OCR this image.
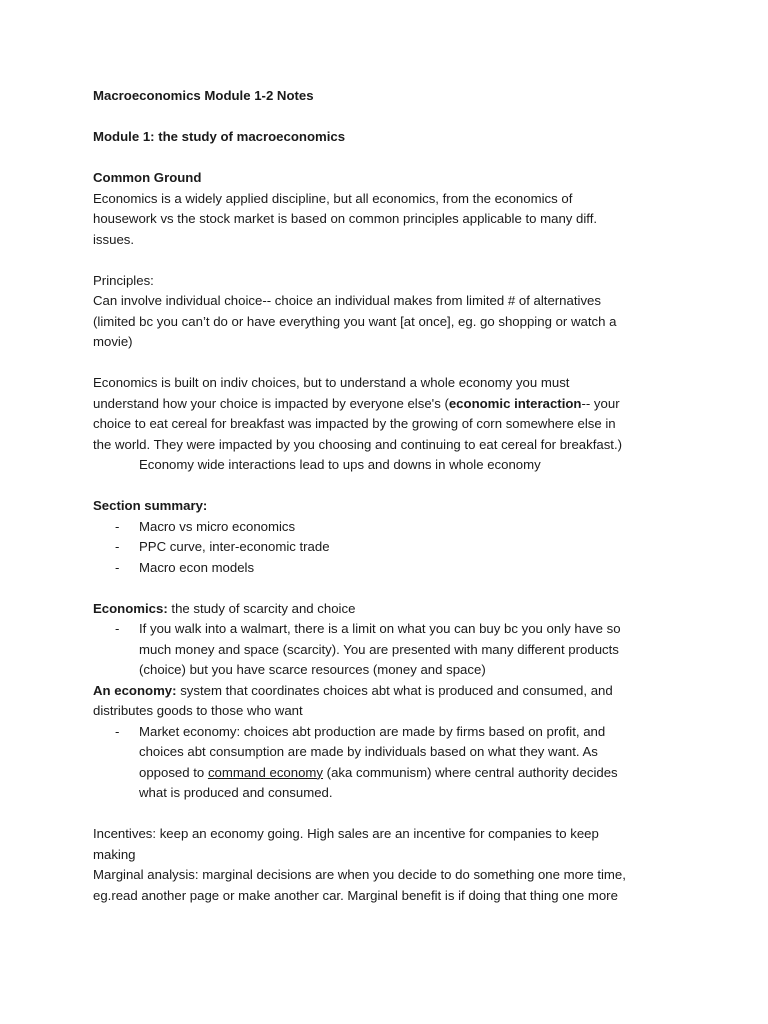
Macroeconomics Module 1-2 Notes
Module 1: the study of macroeconomics
Common Ground
Economics is a widely applied discipline, but all economics, from the economics of
housework vs the stock market is based on common principles applicable to many diff.
issues.
Principles:
Can involve individual choice-- choice an individual makes from limited # of alternatives
(limited bc you can’t do or have everything you want [at once], eg. go shopping or watch a
movie)
Economics is built on indiv choices, but to understand a whole economy you must
understand how your choice is impacted by everyone else's (economic interaction-- your
choice to eat cereal for breakfast was impacted by the growing of corn somewhere else in
the world. They were impacted by you choosing and continuing to eat cereal for breakfast.)
Economy wide interactions lead to ups and downs in whole economy
Section summary:
- Macro vs micro economics
- PPC curve, inter-economic trade
- Macro econ models
Economics: the study of scarcity and choice
- If you walk into a walmart, there is a limit on what you can buy bc you only have so
much money and space (scarcity). You are presented with many different products
(choice) but you have scarce resources (money and space)
An economy: system that coordinates choices abt what is produced and consumed, and
distributes goods to those who want
- Market economy: choices abt production are made by firms based on profit, and
choices abt consumption are made by individuals based on what they want. As
opposed to command economy (aka communism) where central authority decides
what is produced and consumed.
Incentives: keep an economy going. High sales are an incentive for companies to keep
making
Marginal analysis: marginal decisions are when you decide to do something one more time,
eg.read another page or make another car. Marginal benefit is if doing that thing one more
